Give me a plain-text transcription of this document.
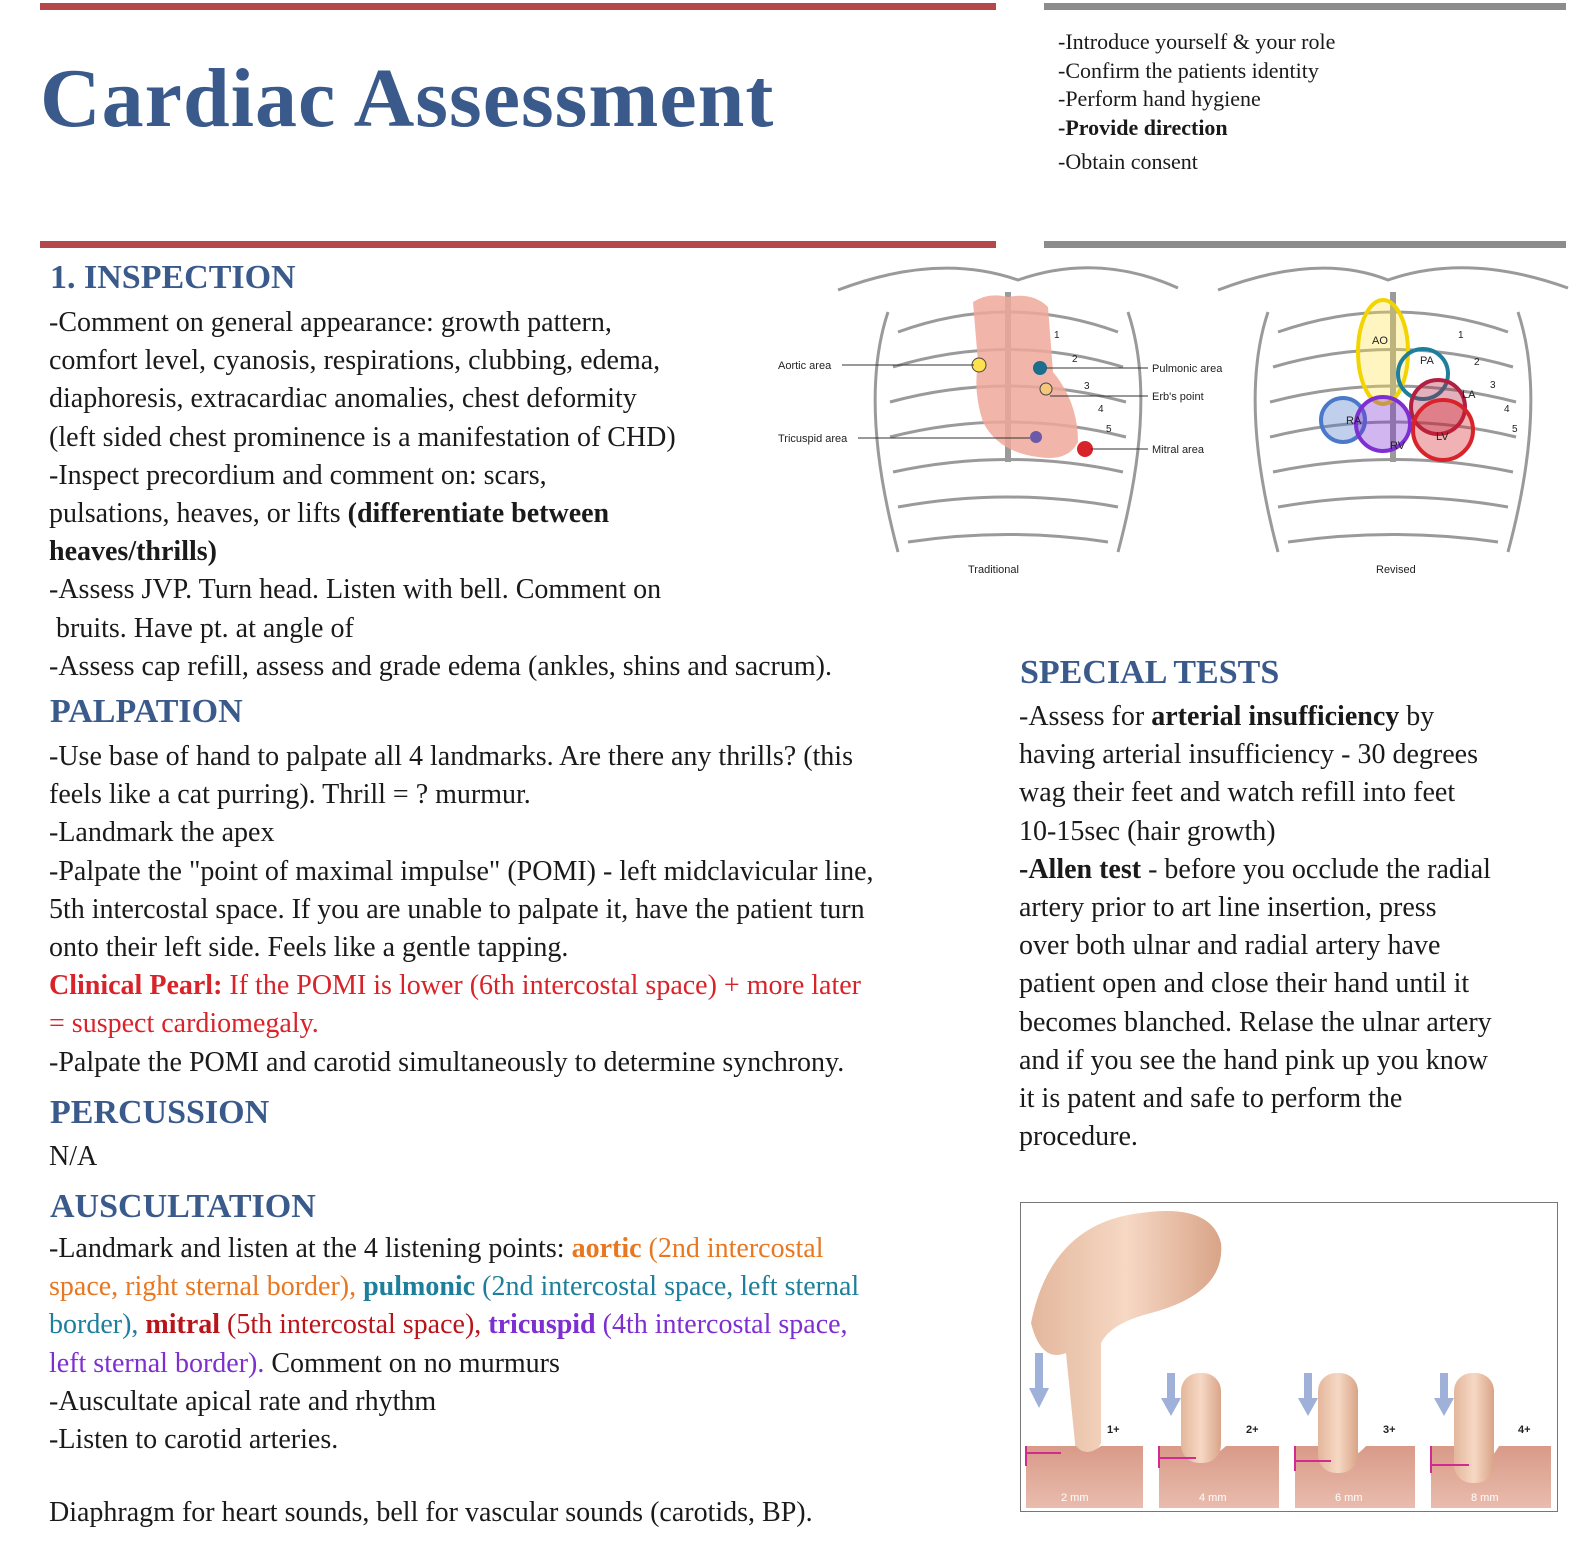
Cardiac Assessment
-Introduce yourself & your role
-Confirm the patients identity
-Perform hand hygiene
-Provide direction
-Obtain consent
1. INSPECTION

-Comment on general appearance: growth pattern,

comfort level, cyanosis, respirations, clubbing, edema,

diaphoresis, extracardiac anomalies, chest deformity

(left sided chest prominence is a manifestation of CHD)

-Inspect precordium and comment on: scars,

pulsations, heaves, or lifts (differentiate between

heaves/thrills)

-Assess JVP. Turn head. Listen with bell. Comment on

bruits. Have pt. at angle of

-Assess cap refill, assess and grade edema (ankles, shins and sacrum).

Aortic area
Tricuspid area
Pulmonic area
Erb's point
Mitral area
Traditional
1
2
3
4
5
AO
PA
LA
RA
RV
LV
Revised
1
2
3
4
5
PALPATION

-Use base of hand to palpate all 4 landmarks. Are there any thrills? (this

feels like a cat purring). Thrill = ? murmur.

-Landmark the apex

-Palpate the "point of maximal impulse" (POMI) - left midclavicular line,

5th intercostal space. If you are unable to palpate it, have the patient turn

onto their left side. Feels like a gentle tapping.

Clinical Pearl: If the POMI is lower (6th intercostal space) + more later

= suspect cardiomegaly.

-Palpate the POMI and carotid simultaneously to determine synchrony.

PERCUSSION
N/A
AUSCULTATION

-Landmark and listen at the 4 listening points: aortic (2nd intercostal

space, right sternal border), pulmonic (2nd intercostal space, left sternal

border), mitral (5th intercostal space), tricuspid (4th intercostal space,

left sternal border). Comment on no murmurs

-Auscultate apical rate and rhythm

-Listen to carotid arteries.

Diaphragm for heart sounds, bell for vascular sounds (carotids, BP).
SPECIAL TESTS

-Assess for arterial insufficiency by

having arterial insufficiency - 30 degrees

wag their feet and watch refill into feet

10-15sec (hair growth)

-Allen test - before you occlude the radial

artery prior to art line insertion, press

over both ulnar and radial artery have

patient open and close their hand until it

becomes blanched. Relase the ulnar artery

and if you see the hand pink up you know

it is patent and safe to perform the

procedure.

1+	2+	3+	4+
2 mm	4 mm	6 mm	8 mm
